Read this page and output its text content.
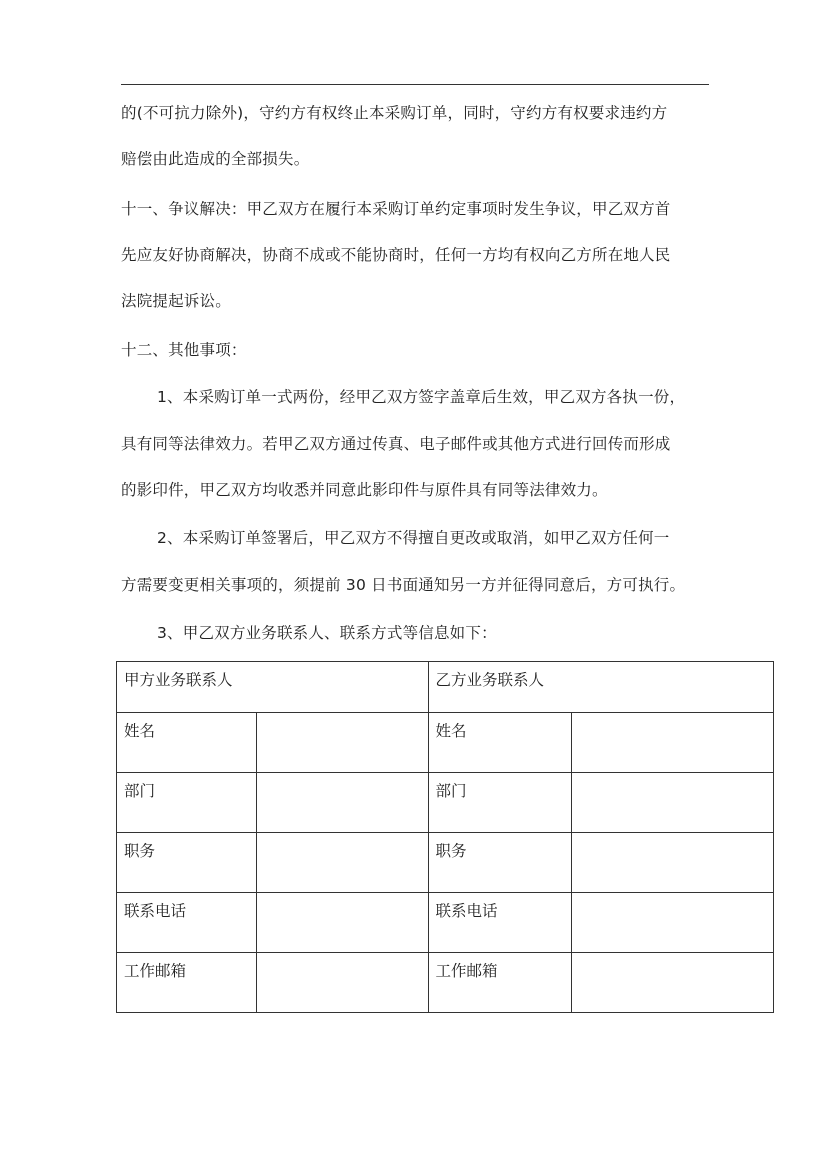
的(不可抗力除外)，守约方有权终止本采购订单，同时，守约方有权要求违约方
赔偿由此造成的全部损失。
十一、争议解决：甲乙双方在履行本采购订单约定事项时发生争议，甲乙双方首
先应友好协商解决，协商不成或不能协商时，任何一方均有权向乙方所在地人民
法院提起诉讼。
十二、其他事项：
1、本采购订单一式两份，经甲乙双方签字盖章后生效，甲乙双方各执一份，
具有同等法律效力。若甲乙双方通过传真、电子邮件或其他方式进行回传而形成
的影印件，甲乙双方均收悉并同意此影印件与原件具有同等法律效力。
2、本采购订单签署后，甲乙双方不得擅自更改或取消，如甲乙双方任何一
方需要变更相关事项的，须提前 30 日书面通知另一方并征得同意后，方可执行。
3、甲乙双方业务联系人、联系方式等信息如下：
甲方业务联系人		乙方业务联系人	
姓名		姓名	
部门		部门	
职务		职务	
联系电话		联系电话	
工作邮箱		工作邮箱	
